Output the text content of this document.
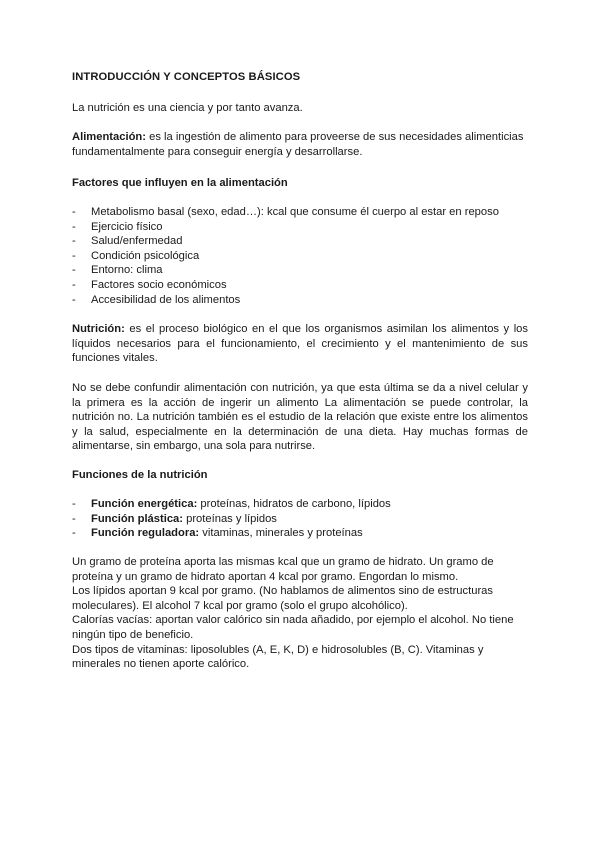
INTRODUCCIÓN Y CONCEPTOS BÁSICOS

La nutrición es una ciencia y por tanto avanza.

Alimentación: es la ingestión de alimento para proveerse de sus necesidades alimenticias fundamentalmente para conseguir energía y desarrollarse.

Factores que influyen en la alimentación

- Metabolismo basal (sexo, edad…): kcal que consume él cuerpo al estar en reposo
- Ejercicio físico
- Salud/enfermedad
- Condición psicológica
- Entorno: clima
- Factores socio económicos
- Accesibilidad de los alimentos

Nutrición: es el proceso biológico en el que los organismos asimilan los alimentos y los líquidos necesarios para el funcionamiento, el crecimiento y el mantenimiento de sus funciones vitales.

No se debe confundir alimentación con nutrición, ya que esta última se da a nivel celular y la primera es la acción de ingerir un alimento La alimentación se puede controlar, la nutrición no. La nutrición también es el estudio de la relación que existe entre los alimentos y la salud, especialmente en la determinación de una dieta. Hay muchas formas de alimentarse, sin embargo, una sola para nutrirse.

Funciones de la nutrición

- Función energética: proteínas, hidratos de carbono, lípidos
- Función plástica: proteínas y lípidos
- Función reguladora: vitaminas, minerales y proteínas

Un gramo de proteína aporta las mismas kcal que un gramo de hidrato. Un gramo de proteína y un gramo de hidrato aportan 4 kcal por gramo. Engordan lo mismo.

Los lípidos aportan 9 kcal por gramo. (No hablamos de alimentos sino de estructuras moleculares). El alcohol 7 kcal por gramo (solo el grupo alcohólico).

Calorías vacías: aportan valor calórico sin nada añadido, por ejemplo el alcohol. No tiene ningún tipo de beneficio.

Dos tipos de vitaminas: liposolubles (A, E, K, D) e hidrosolubles (B, C). Vitaminas y minerales no tienen aporte calórico.
